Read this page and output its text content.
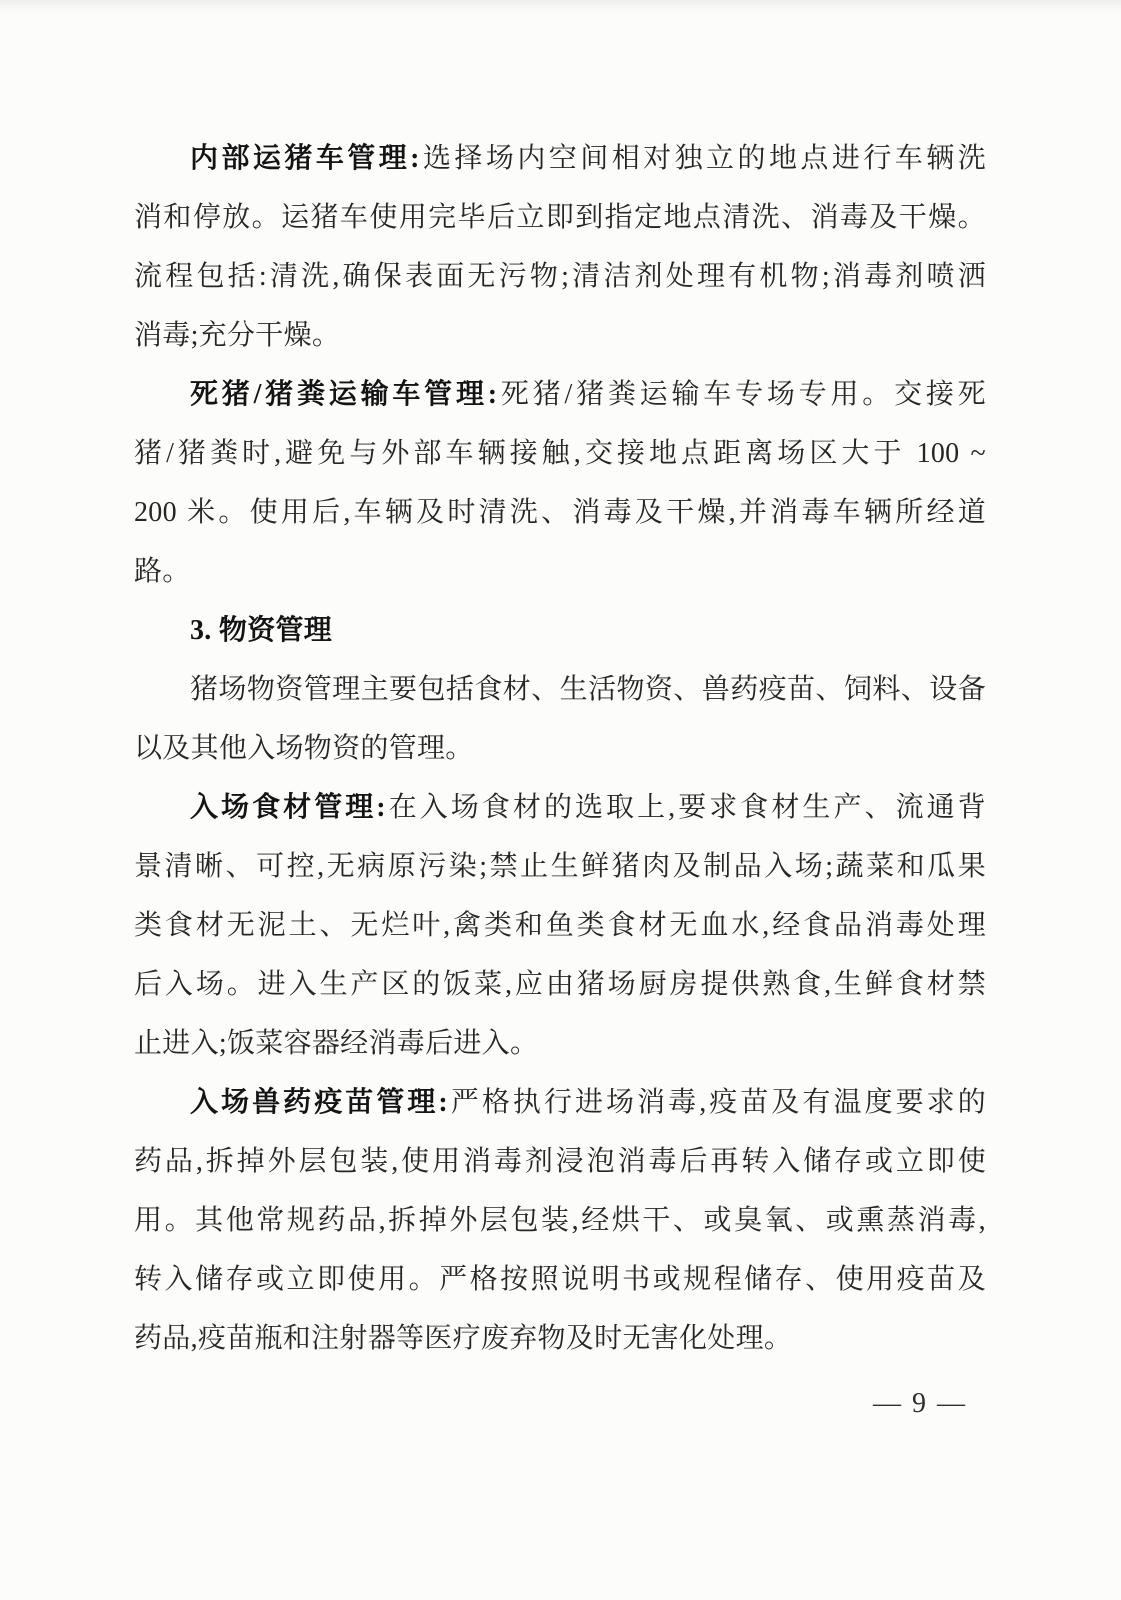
内部运猪车管理:选择场内空间相对独立的地点进行车辆洗
消和停放。运猪车使用完毕后立即到指定地点清洗、消毒及干燥。
流程包括:清洗,确保表面无污物;清洁剂处理有机物;消毒剂喷洒
消毒;充分干燥。
死猪/猪粪运输车管理:死猪/猪粪运输车专场专用。交接死
猪/猪粪时,避免与外部车辆接触,交接地点距离场区大于 100 ~
200 米。使用后,车辆及时清洗、消毒及干燥,并消毒车辆所经道
路。
3. 物资管理
猪场物资管理主要包括食材、生活物资、兽药疫苗、饲料、设备
以及其他入场物资的管理。
入场食材管理:在入场食材的选取上,要求食材生产、流通背
景清晰、可控,无病原污染;禁止生鲜猪肉及制品入场;蔬菜和瓜果
类食材无泥土、无烂叶,禽类和鱼类食材无血水,经食品消毒处理
后入场。进入生产区的饭菜,应由猪场厨房提供熟食,生鲜食材禁
止进入;饭菜容器经消毒后进入。
入场兽药疫苗管理:严格执行进场消毒,疫苗及有温度要求的
药品,拆掉外层包装,使用消毒剂浸泡消毒后再转入储存或立即使
用。其他常规药品,拆掉外层包装,经烘干、或臭氧、或熏蒸消毒,
转入储存或立即使用。严格按照说明书或规程储存、使用疫苗及
药品,疫苗瓶和注射器等医疗废弃物及时无害化处理。
— 9 —
